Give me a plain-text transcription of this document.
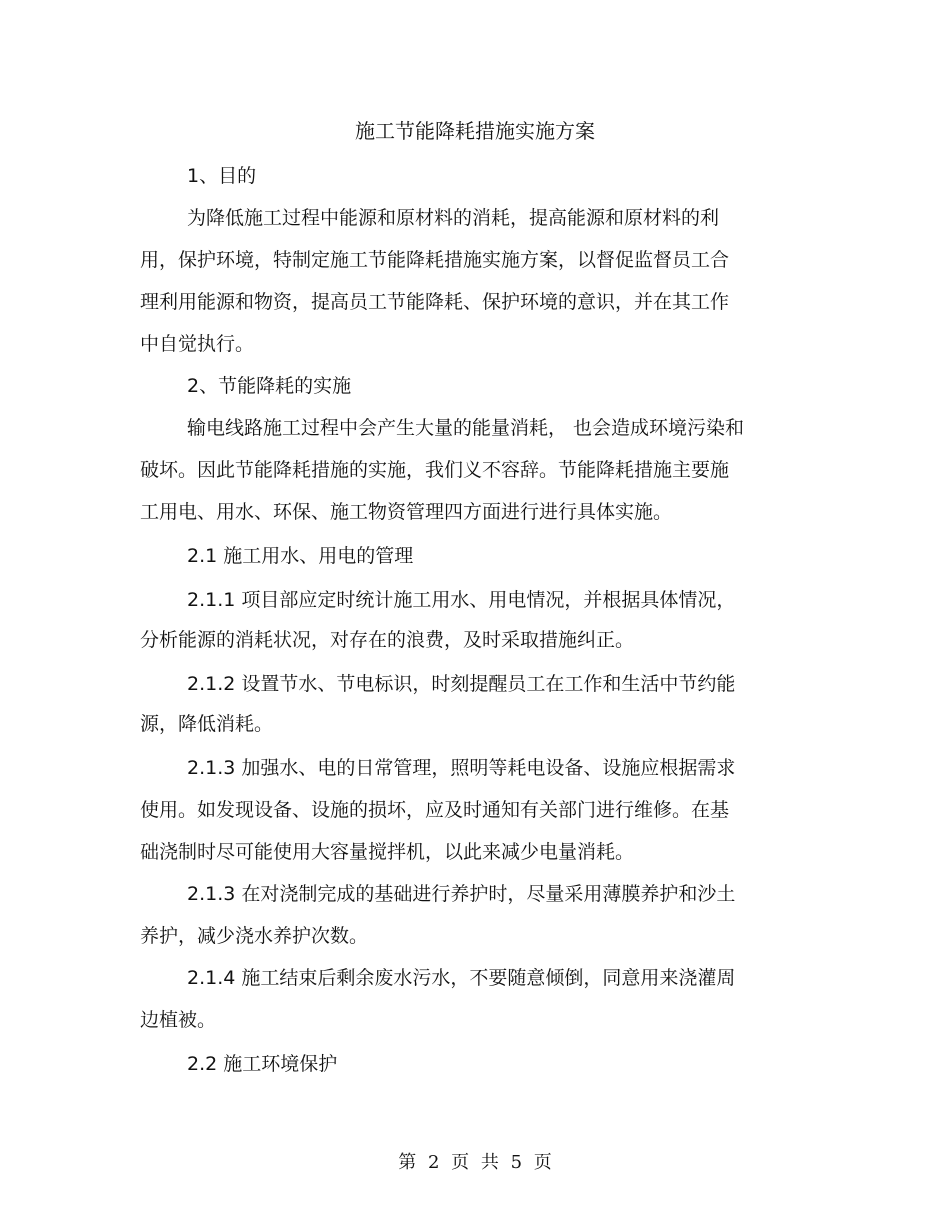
施工节能降耗措施实施方案
1、目的
为降低施工过程中能源和原材料的消耗，提高能源和原材料的利
用，保护环境，特制定施工节能降耗措施实施方案，以督促监督员工合
理利用能源和物资，提高员工节能降耗、保护环境的意识，并在其工作
中自觉执行。
2、节能降耗的实施
输电线路施工过程中会产生大量的能量消耗， 也会造成环境污染和
破坏。因此节能降耗措施的实施，我们义不容辞。节能降耗措施主要施
工用电、用水、环保、施工物资管理四方面进行进行具体实施。
2.1 施工用水、用电的管理
2.1.1 项目部应定时统计施工用水、用电情况，并根据具体情况，
分析能源的消耗状况，对存在的浪费，及时采取措施纠正。
2.1.2 设置节水、节电标识，时刻提醒员工在工作和生活中节约能
源，降低消耗。
2.1.3 加强水、电的日常管理，照明等耗电设备、设施应根据需求
使用。如发现设备、设施的损坏，应及时通知有关部门进行维修。在基
础浇制时尽可能使用大容量搅拌机，以此来减少电量消耗。
2.1.3 在对浇制完成的基础进行养护时，尽量采用薄膜养护和沙土
养护，减少浇水养护次数。
2.1.4 施工结束后剩余废水污水，不要随意倾倒，同意用来浇灌周
边植被。
2.2 施工环境保护
第 2 页 共 5 页
